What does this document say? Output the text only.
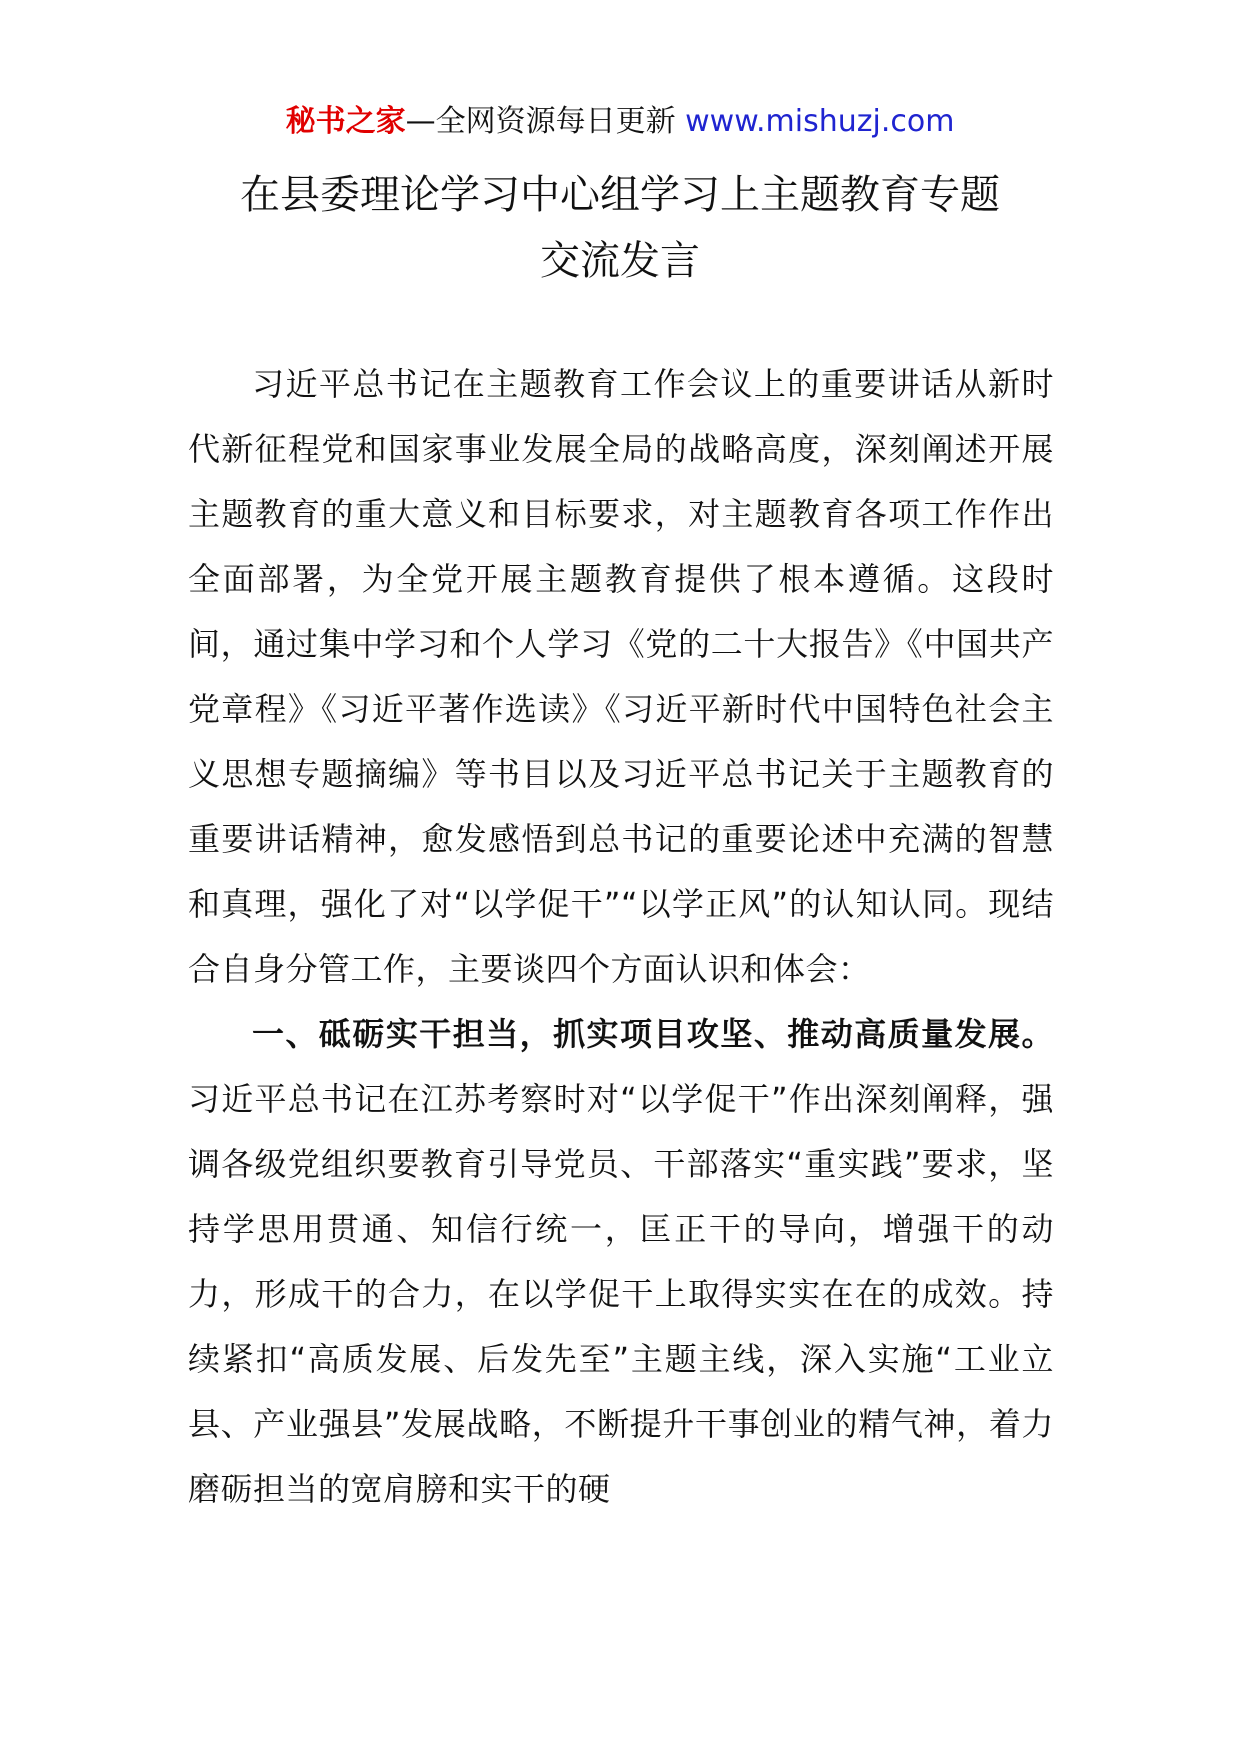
秘书之家—全网资源每日更新 www.mishuzj.com
在县委理论学习中心组学习上主题教育专题
交流发言

习近平总书记在主题教育工作会议上的重要讲话从新时代新征程党和国家事业发展全局的战略高度，深刻阐述开展主题教育的重大意义和目标要求，对主题教育各项工作作出全面部署，为全党开展主题教育提供了根本遵循。这段时间，通过集中学习和个人学习《党的二十大报告》《中国共产党章程》《习近平著作选读》《习近平新时代中国特色社会主义思想专题摘编》等书目以及习近平总书记关于主题教育的重要讲话精神，愈发感悟到总书记的重要论述中充满的智慧和真理，强化了对“以学促干”“以学正风”的认知认同。现结合自身分管工作，主要谈四个方面认识和体会：

一、砥砺实干担当，抓实项目攻坚、推动高质量发展。习近平总书记在江苏考察时对“以学促干”作出深刻阐释，强调各级党组织要教育引导党员、干部落实“重实践”要求，坚持学思用贯通、知信行统一，匡正干的导向，增强干的动力，形成干的合力，在以学促干上取得实实在在的成效。持续紧扣“高质发展、后发先至”主题主线，深入实施“工业立县、产业强县”发展战略，不断提升干事创业的精气神，着力磨砺担当的宽肩膀和实干的硬
